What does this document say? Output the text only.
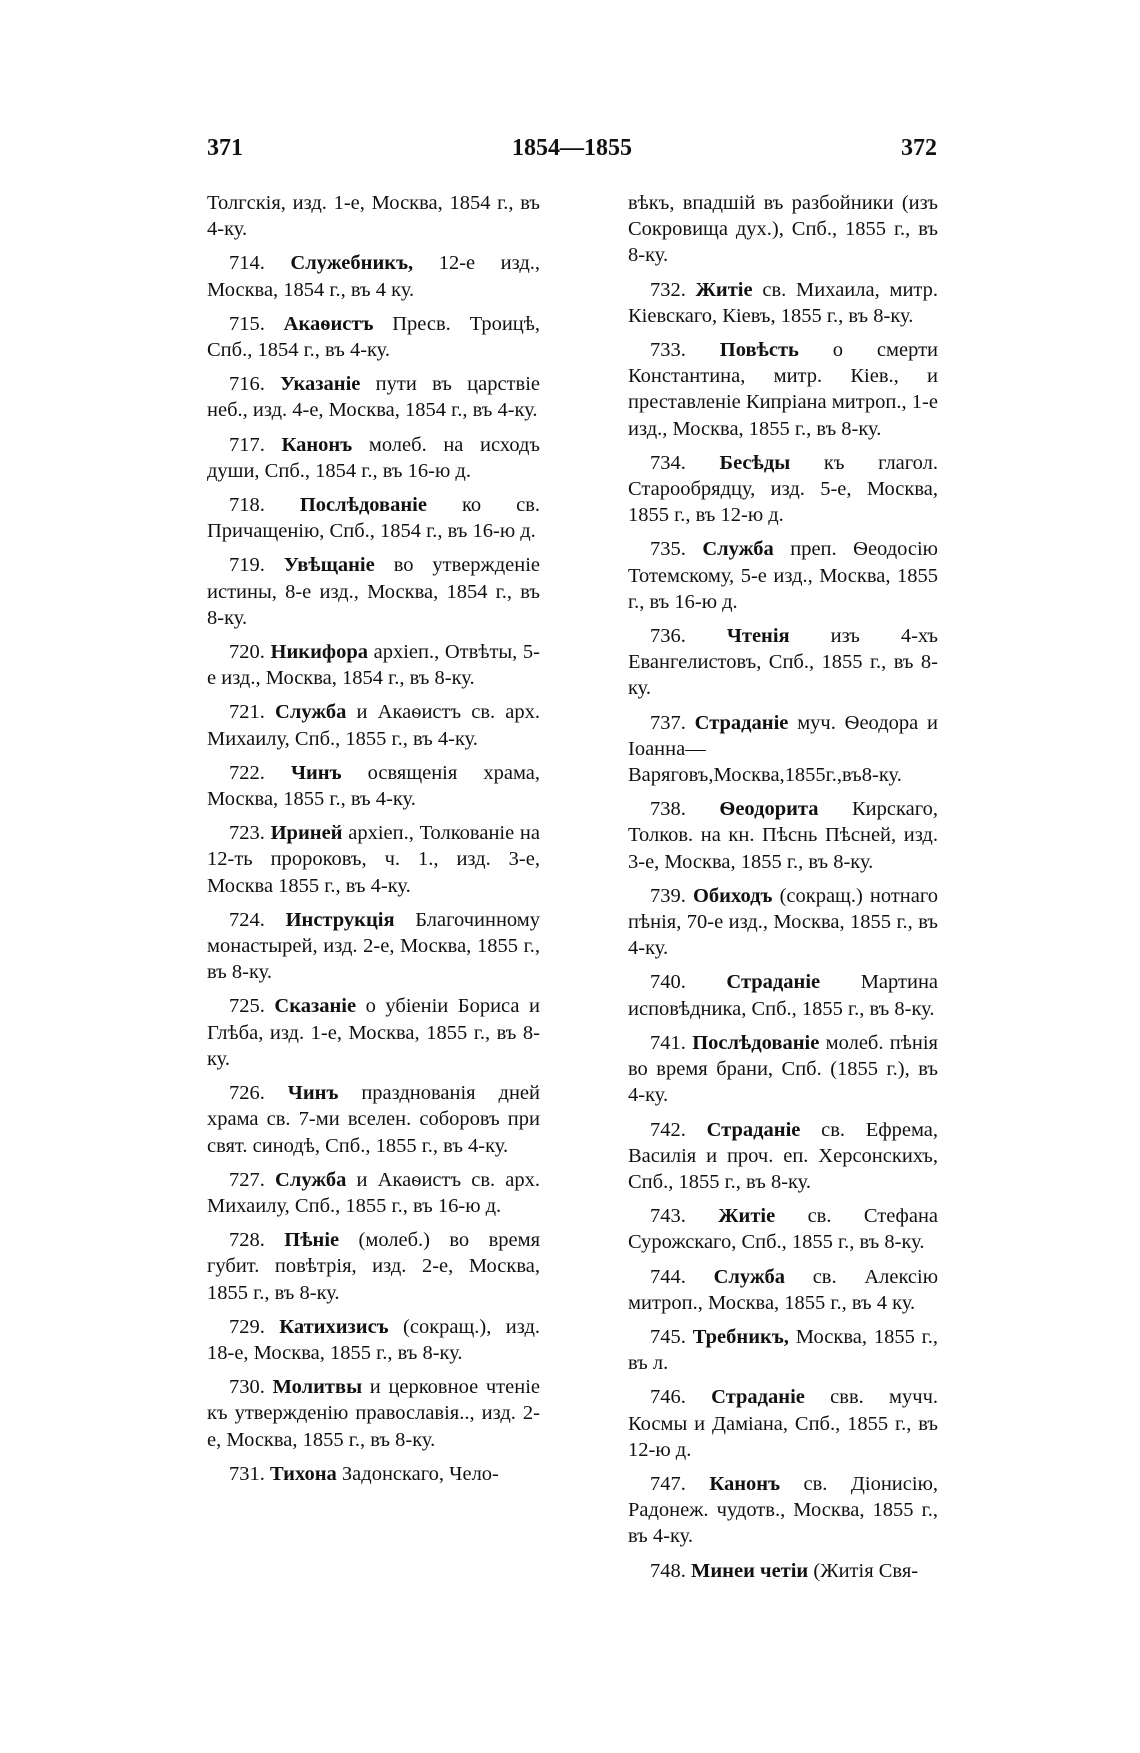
371	1854—1855	372

Толгскія, изд. 1-е, Москва, 1854 г., въ 4-ку.

714. Служебникъ, 12-е изд., Москва, 1854 г., въ 4 ку.

715. Акаѳистъ Пресв. Троицѣ, Спб., 1854 г., въ 4-ку.

716. Указаніе пути въ царствіе неб., изд. 4-е, Москва, 1854 г., въ 4-ку.

717. Канонъ молеб. на исходъ души, Спб., 1854 г., въ 16-ю д.

718. Послѣдованіе ко св. Причащенію, Спб., 1854 г., въ 16-ю д.

719. Увѣщаніе во утвержденіе истины, 8-е изд., Москва, 1854 г., въ 8-ку.

720. Никифора архіеп., Отвѣты, 5-е изд., Москва, 1854 г., въ 8-ку.

721. Служба и Акаѳистъ св. арх. Михаилу, Спб., 1855 г., въ 4-ку.

722. Чинъ освященія храма, Москва, 1855 г., въ 4-ку.

723. Ириней архіеп., Толкованіе на 12-ть пророковъ, ч. 1., изд. 3-е, Москва 1855 г., въ 4-ку.

724. Инструкція Благочинному монастырей, изд. 2-е, Москва, 1855 г., въ 8-ку.

725. Сказаніе о убіеніи Бориса и Глѣба, изд. 1-е, Москва, 1855 г., въ 8-ку.

726. Чинъ празднованія дней храма св. 7-ми вселен. соборовъ при свят. синодѣ, Спб., 1855 г., въ 4-ку.

727. Служба и Акаѳистъ св. арх. Михаилу, Спб., 1855 г., въ 16-ю д.

728. Пѣніе (молеб.) во время губит. повѣтрія, изд. 2-е, Москва, 1855 г., въ 8-ку.

729. Катихизисъ (сокращ.), изд. 18-е, Москва, 1855 г., въ 8-ку.

730. Молитвы и церковное чтеніе къ утвержденію православія.., изд. 2-е, Москва, 1855 г., въ 8-ку.

731. Тихона Задонскаго, Чело-

вѣкъ, впадшій въ разбойники (изъ Сокровища дух.), Спб., 1855 г., въ 8-ку.

732. Житіе св. Михаила, митр. Кіевскаго, Кіевъ, 1855 г., въ 8-ку.

733. Повѣсть о смерти Константина, митр. Кіев., и преставленіе Кипріана митроп., 1-е изд., Москва, 1855 г., въ 8-ку.

734. Бесѣды къ глагол. Старообрядцу, изд. 5-е, Москва, 1855 г., въ 12-ю д.

735. Служба преп. Ѳеодосію Тотемскому, 5-е изд., Москва, 1855 г., въ 16-ю д.

736. Чтенія изъ 4-хъ Евангелистовъ, Спб., 1855 г., въ 8-ку.

737. Страданіе муч. Ѳеодора и Іоанна—Варяговъ,Москва,1855г.,въ8-ку.

738. Ѳеодорита Кирскаго, Толков. на кн. Пѣснь Пѣсней, изд. 3-е, Москва, 1855 г., въ 8-ку.

739. Обиходъ (сокращ.) нотнаго пѣнія, 70-е изд., Москва, 1855 г., въ 4-ку.

740. Страданіе Мартина исповѣдника, Спб., 1855 г., въ 8-ку.

741. Послѣдованіе молеб. пѣнія во время брани, Спб. (1855 г.), въ 4-ку.

742. Страданіе св. Ефрема, Василія и проч. еп. Херсонскихъ, Спб., 1855 г., въ 8-ку.

743. Житіе св. Стефана Сурожскаго, Спб., 1855 г., въ 8-ку.

744. Служба св. Алексію митроп., Москва, 1855 г., въ 4 ку.

745. Требникъ, Москва, 1855 г., въ л.

746. Страданіе свв. мучч. Космы и Даміана, Спб., 1855 г., въ 12-ю д.

747. Канонъ св. Діонисію, Радонеж. чудотв., Москва, 1855 г., въ 4-ку.

748. Минеи четіи (Житія Свя-
